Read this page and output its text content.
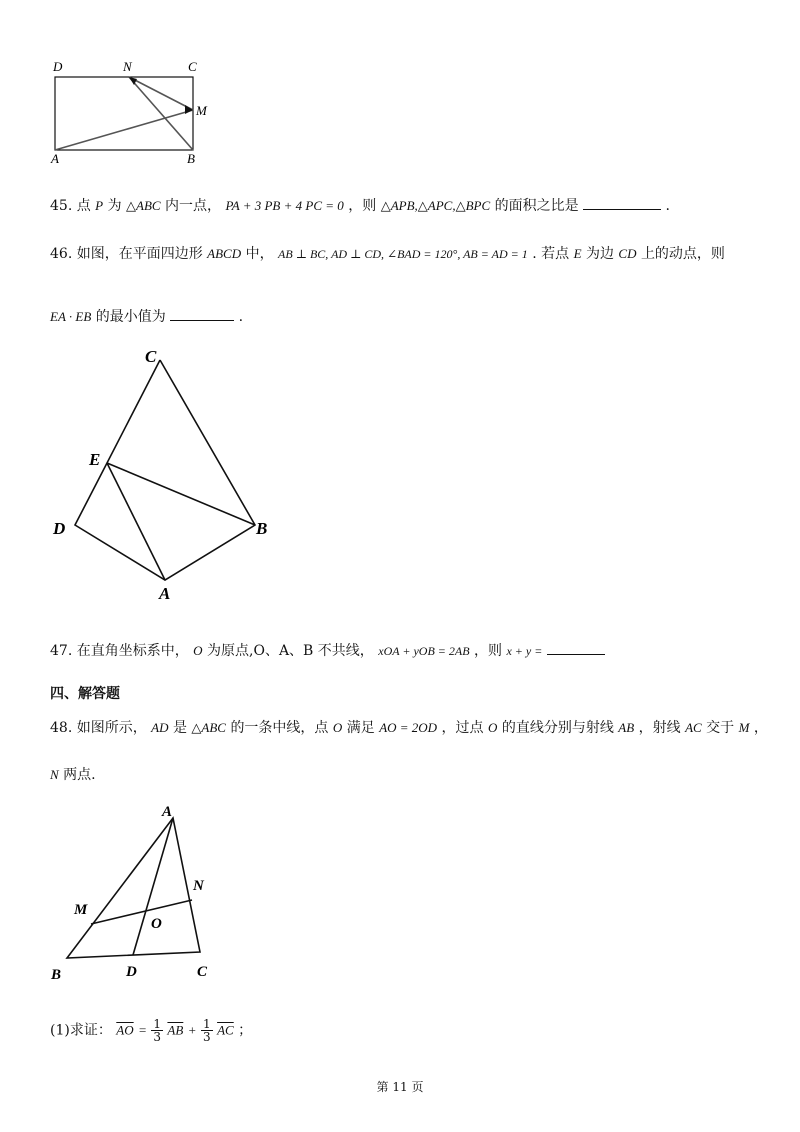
D	N	C
M
A	B
45. 点 P 为 △ABC 内一点， PA + 3 PB + 4 PC = 0 ，则 △APB,△APC,△BPC 的面积之比是	.
46. 如图，在平面四边形 ABCD 中， AB ⊥ BC, AD ⊥ CD, ∠BAD = 120°, AB = AD = 1 . 若点 E 为边 CD 上的动点，则
EA · EB 的最小值为	.
C
E
D	B
A
47. 在直角坐标系中， O 为原点,O、A、B 不共线， xOA + yOB = 2AB ，则 x + y =
四、解答题
48. 如图所示， AD 是 △ABC 的一条中线，点 O 满足 AO = 2OD ，过点 O 的直线分别与射线 AB ，射线 AC 交于 M ，
N 两点.
A
N
M
O
B	D	C
(1)求证： $\overline{AO} = \frac{1}{3} \overline{AB} + \frac{1}{3} \overline{AC}$ ；
第 11 页
